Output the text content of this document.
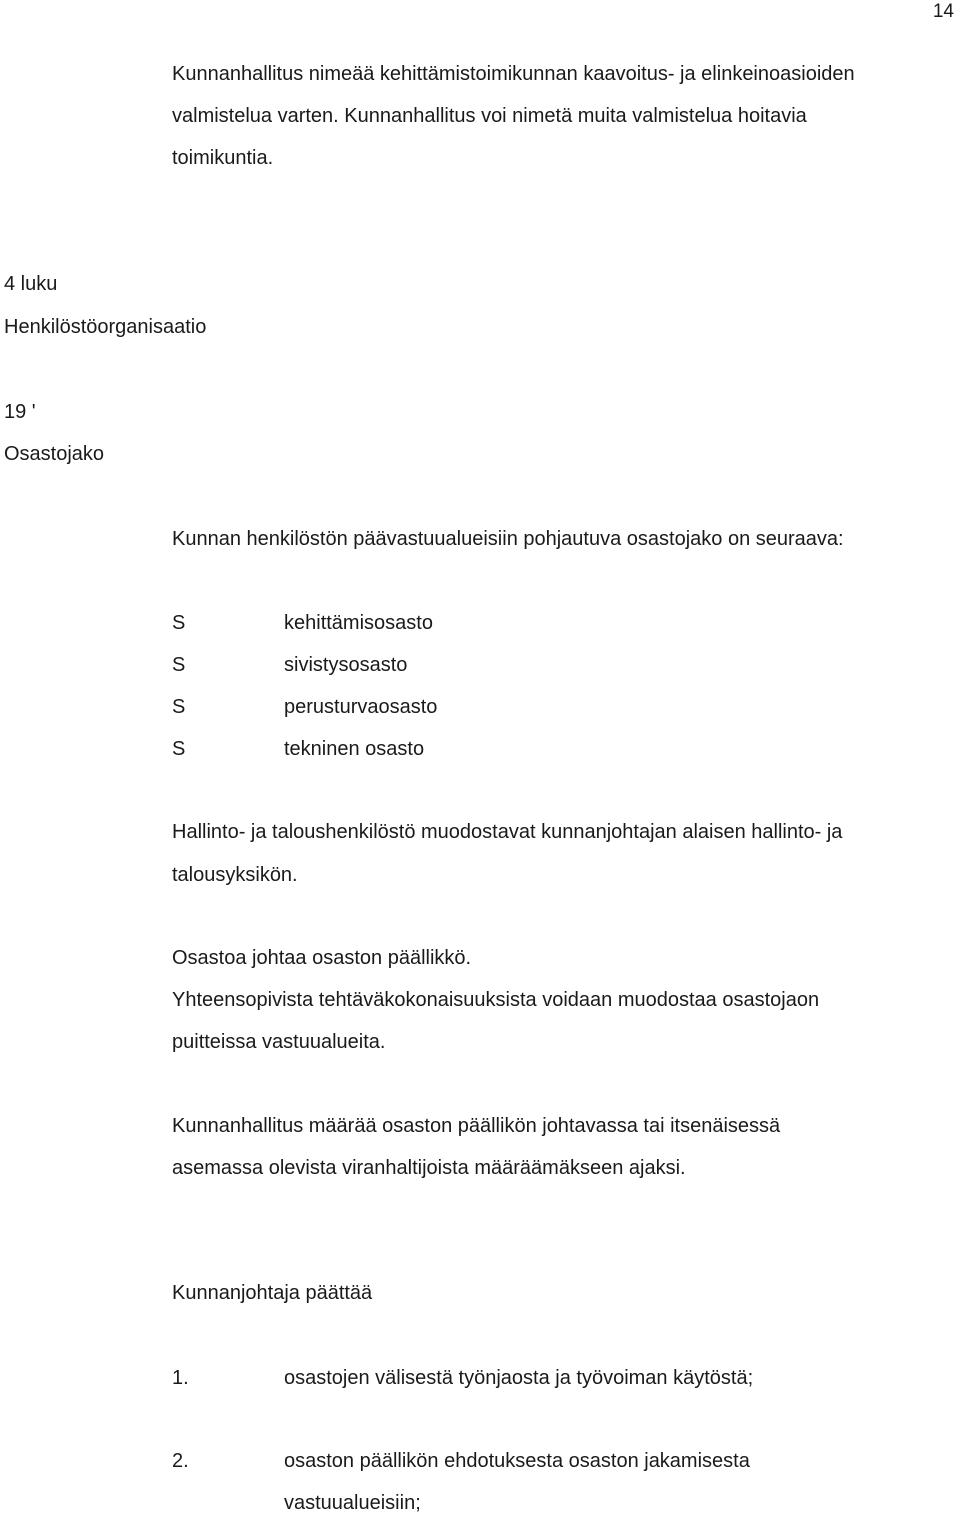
14
Kunnanhallitus nimeää kehittämistoimikunnan kaavoitus- ja elinkeinoasioiden
valmistelua varten. Kunnanhallitus voi nimetä muita valmistelua hoitavia
toimikuntia.
4 luku
Henkilöstöorganisaatio
19 '
Osastojako
Kunnan henkilöstön päävastuualueisiin pohjautuva osastojako on seuraava:
S	kehittämisosasto
S	sivistysosasto
S	perusturvaosasto
S	tekninen osasto
Hallinto- ja taloushenkilöstö muodostavat kunnanjohtajan alaisen hallinto- ja
talousyksikön.
Osastoa johtaa osaston päällikkö.
Yhteensopivista tehtäväkokonaisuuksista voidaan muodostaa osastojaon
puitteissa vastuualueita.
Kunnanhallitus määrää osaston päällikön johtavassa tai itsenäisessä
asemassa olevista viranhaltijoista määräämäkseen ajaksi.
Kunnanjohtaja päättää
1.	osastojen välisestä työnjaosta ja työvoiman käytöstä;
2.	osaston päällikön ehdotuksesta osaston jakamisesta
vastuualueisiin;
